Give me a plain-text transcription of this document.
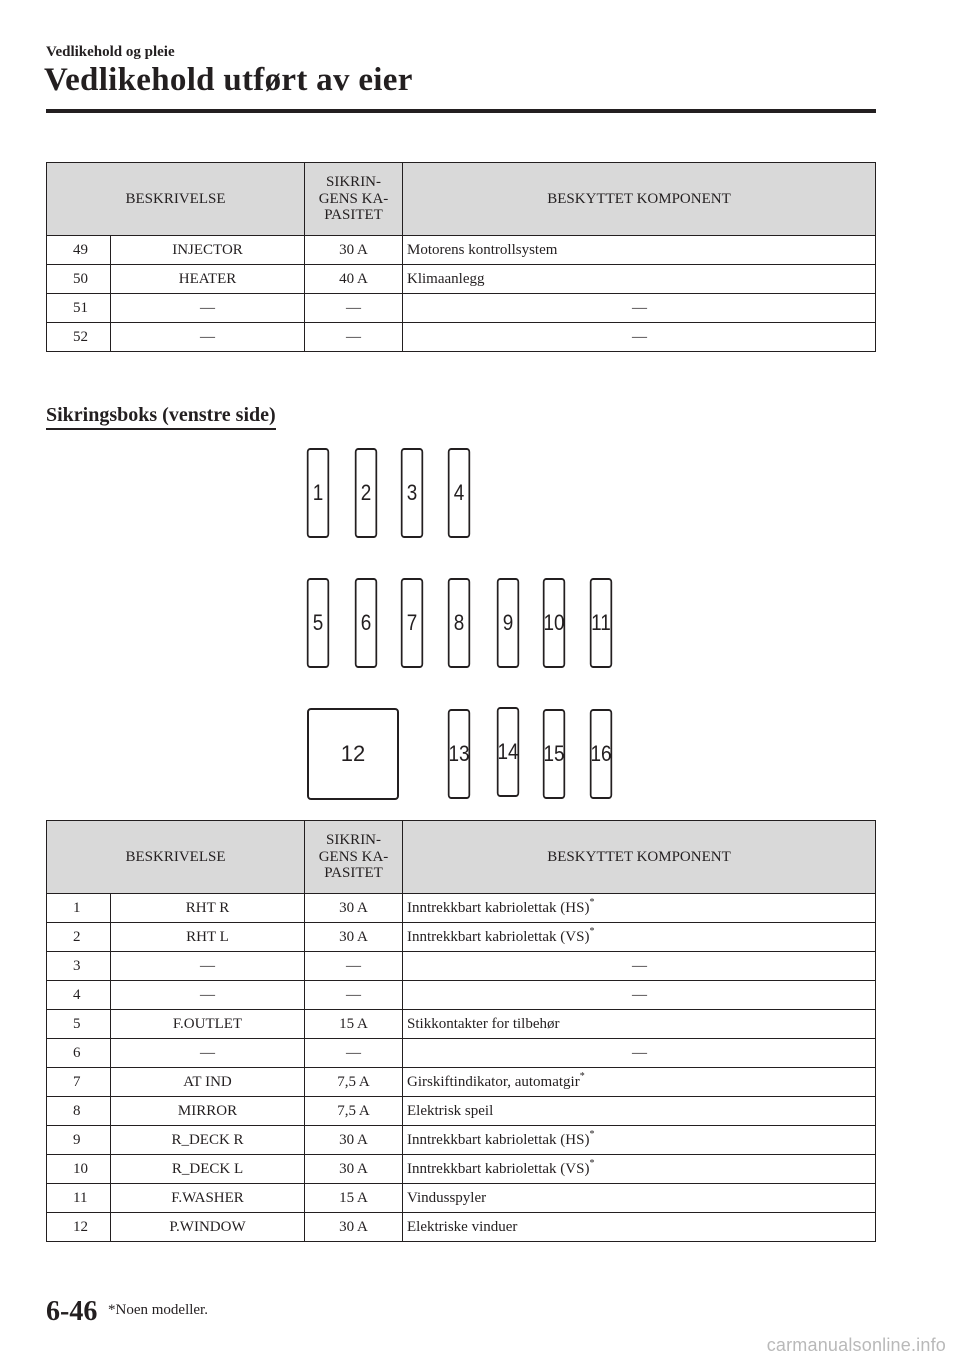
Vedlikehold og pleie
Vedlikehold utført av eier
BESKRIVELSE		SIKRIN-
GENS KA-
PASITET	BESKYTTET KOMPONENT
49	INJECTOR	30 A	Motorens kontrollsystem
50	HEATER	40 A	Klimaanlegg
51	—	—	—
52	—	—	—
Sikringsboks (venstre side)
1 2 3 4
5 6 7 8 9 10 11
12	13 14 15 16
BESKRIVELSE		SIKRIN-
GENS KA-
PASITET	BESKYTTET KOMPONENT
1	RHT R	30 A	Inntrekkbart kabriolettak (HS)*
2	RHT L	30 A	Inntrekkbart kabriolettak (VS)*
3	—	—	—
4	—	—	—
5	F.OUTLET	15 A	Stikkontakter for tilbehør
6	—	—	—
7	AT IND	7,5 A	Girskiftindikator, automatgir*
8	MIRROR	7,5 A	Elektrisk speil
9	R_DECK R	30 A	Inntrekkbart kabriolettak (HS)*
10	R_DECK L	30 A	Inntrekkbart kabriolettak (VS)*
11	F.WASHER	15 A	Vindusspyler
12	P.WINDOW	30 A	Elektriske vinduer
6-46 *Noen modeller.
carmanualsonline.info
